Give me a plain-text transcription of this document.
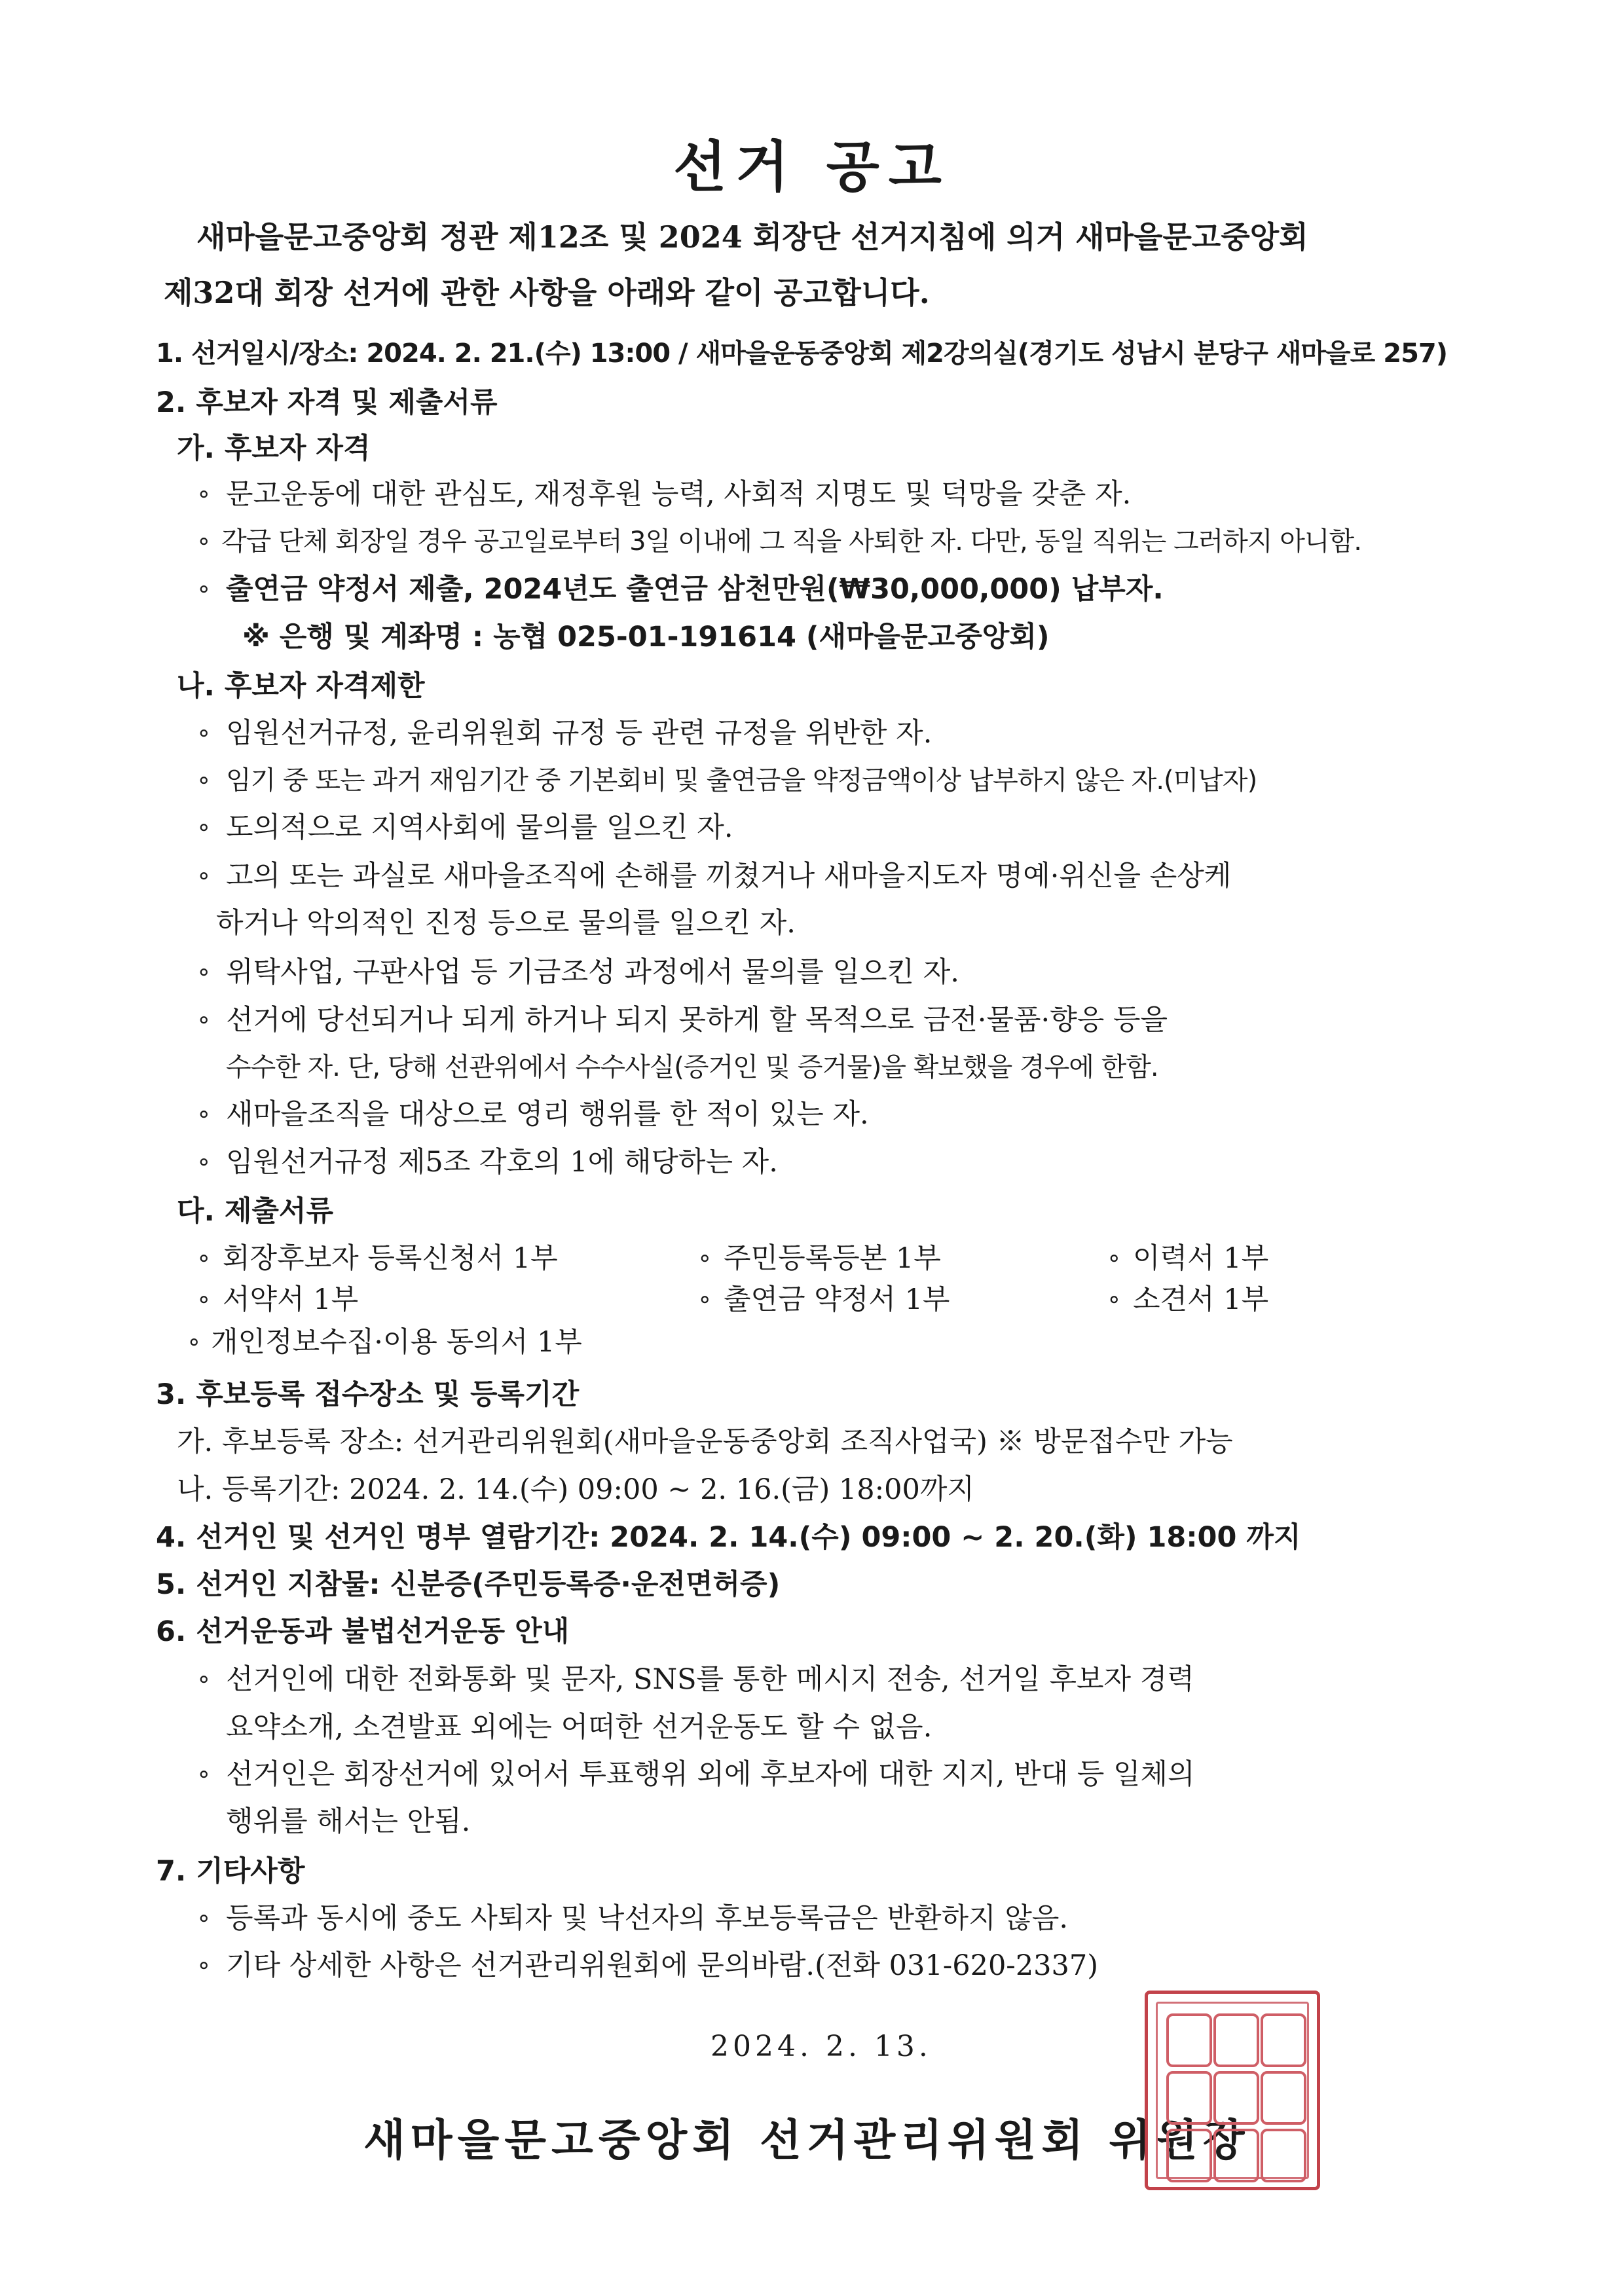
선거 공고

새마을문고중앙회 정관 제12조 및 2024 회장단 선거지침에 의거 새마을문고중앙회

제32대 회장 선거에 관한 사항을 아래와 같이 공고합니다.

1. 선거일시/장소: 2024. 2. 21.(수) 13:00 / 새마을운동중앙회 제2강의실(경기도 성남시 분당구 새마을로 257)
2. 후보자 자격 및 제출서류
가. 후보자 자격
∘ 문고운동에 대한 관심도, 재정후원 능력, 사회적 지명도 및 덕망을 갖춘 자.
∘ 각급 단체 회장일 경우 공고일로부터 3일 이내에 그 직을 사퇴한 자. 다만, 동일 직위는 그러하지 아니함.
∘ 출연금 약정서 제출, 2024년도 출연금 삼천만원(₩30,000,000) 납부자.
※ 은행 및 계좌명 : 농협 025-01-191614 (새마을문고중앙회)
나. 후보자 자격제한
∘ 임원선거규정, 윤리위원회 규정 등 관련 규정을 위반한 자.
∘ 임기 중 또는 과거 재임기간 중 기본회비 및 출연금을 약정금액이상 납부하지 않은 자.(미납자)
∘ 도의적으로 지역사회에 물의를 일으킨 자.
∘ 고의 또는 과실로 새마을조직에 손해를 끼쳤거나 새마을지도자 명예·위신을 손상케
하거나 악의적인 진정 등으로 물의를 일으킨 자.
∘ 위탁사업, 구판사업 등 기금조성 과정에서 물의를 일으킨 자.
∘ 선거에 당선되거나 되게 하거나 되지 못하게 할 목적으로 금전·물품·향응 등을
수수한 자. 단, 당해 선관위에서 수수사실(증거인 및 증거물)을 확보했을 경우에 한함.
∘ 새마을조직을 대상으로 영리 행위를 한 적이 있는 자.
∘ 임원선거규정 제5조 각호의 1에 해당하는 자.
다. 제출서류
∘ 회장후보자 등록신청서 1부	∘ 주민등록등본 1부	∘ 이력서 1부
∘ 서약서 1부	∘ 출연금 약정서 1부	∘ 소견서 1부
∘ 개인정보수집·이용 동의서 1부
3. 후보등록 접수장소 및 등록기간
가. 후보등록 장소: 선거관리위원회(새마을운동중앙회 조직사업국) ※ 방문접수만 가능
나. 등록기간: 2024. 2. 14.(수) 09:00 ~ 2. 16.(금) 18:00까지
4. 선거인 및 선거인 명부 열람기간: 2024. 2. 14.(수) 09:00 ~ 2. 20.(화) 18:00 까지
5. 선거인 지참물: 신분증(주민등록증·운전면허증)
6. 선거운동과 불법선거운동 안내
∘ 선거인에 대한 전화통화 및 문자, SNS를 통한 메시지 전송, 선거일 후보자 경력
요약소개, 소견발표 외에는 어떠한 선거운동도 할 수 없음.
∘ 선거인은 회장선거에 있어서 투표행위 외에 후보자에 대한 지지, 반대 등 일체의
행위를 해서는 안됨.
7. 기타사항
∘ 등록과 동시에 중도 사퇴자 및 낙선자의 후보등록금은 반환하지 않음.
∘ 기타 상세한 사항은 선거관리위원회에 문의바람.(전화 031-620-2337)
2024. 2. 13.
새마을문고중앙회 선거관리위원회 위원장
